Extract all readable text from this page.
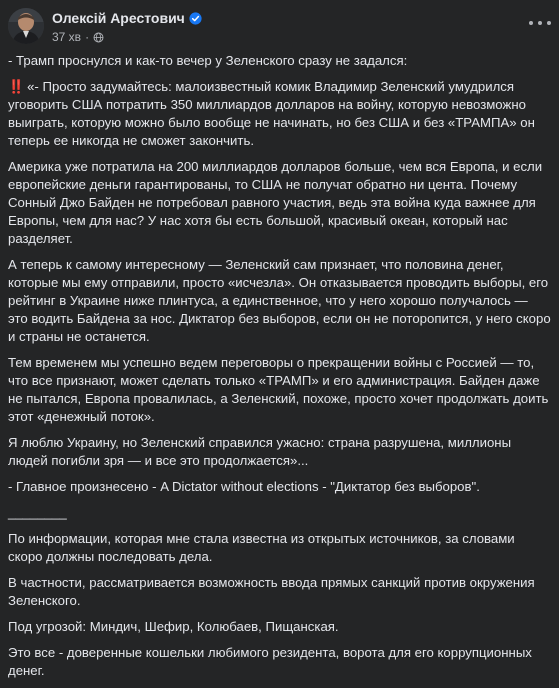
Олексій Арестович
37 хв ·

- Трамп проснулся и как-то вечер у Зеленского сразу не задался:

‼️ «- Просто задумайтесь: малоизвестный комик Владимир Зеленский умудрился уговорить США потратить 350 миллиардов долларов на войну, которую невозможно выиграть, которую можно было вообще не начинать, но без США и без «ТРАМПА» он теперь ее никогда не сможет закончить.

Америка уже потратила на 200 миллиардов долларов больше, чем вся Европа, и если европейские деньги гарантированы, то США не получат обратно ни цента. Почему Сонный Джо Байден не потребовал равного участия, ведь эта война куда важнее для Европы, чем для нас? У нас хотя бы есть большой, красивый океан, который нас разделяет.

А теперь к самому интересному — Зеленский сам признает, что половина денег, которые мы ему отправили, просто «исчезла». Он отказывается проводить выборы, его рейтинг в Украине ниже плинтуса, а единственное, что у него хорошо получалось — это водить Байдена за нос. Диктатор без выборов, если он не поторопится, у него скоро и страны не останется.

Тем временем мы успешно ведем переговоры о прекращении войны с Россией — то, что все признают, может сделать только «ТРАМП» и его администрация. Байден даже не пытался, Европа провалилась, а Зеленский, похоже, просто хочет продолжать доить этот «денежный поток».

Я люблю Украину, но Зеленский справился ужасно: страна разрушена, миллионы людей погибли зря — и все это продолжается»...

- Главное произнесено - A Dictator without elections - "Диктатор без выборов".

________

По информации, которая мне стала известна из открытых источников, за словами скоро должны последовать дела.

В частности, рассматривается возможность ввода прямых санкций против окружения Зеленского.

Под угрозой: Миндич, Шефир, Колюбаев, Пищанская.

Это все - доверенные кошельки любимого резидента, ворота для его коррупционных денег.
